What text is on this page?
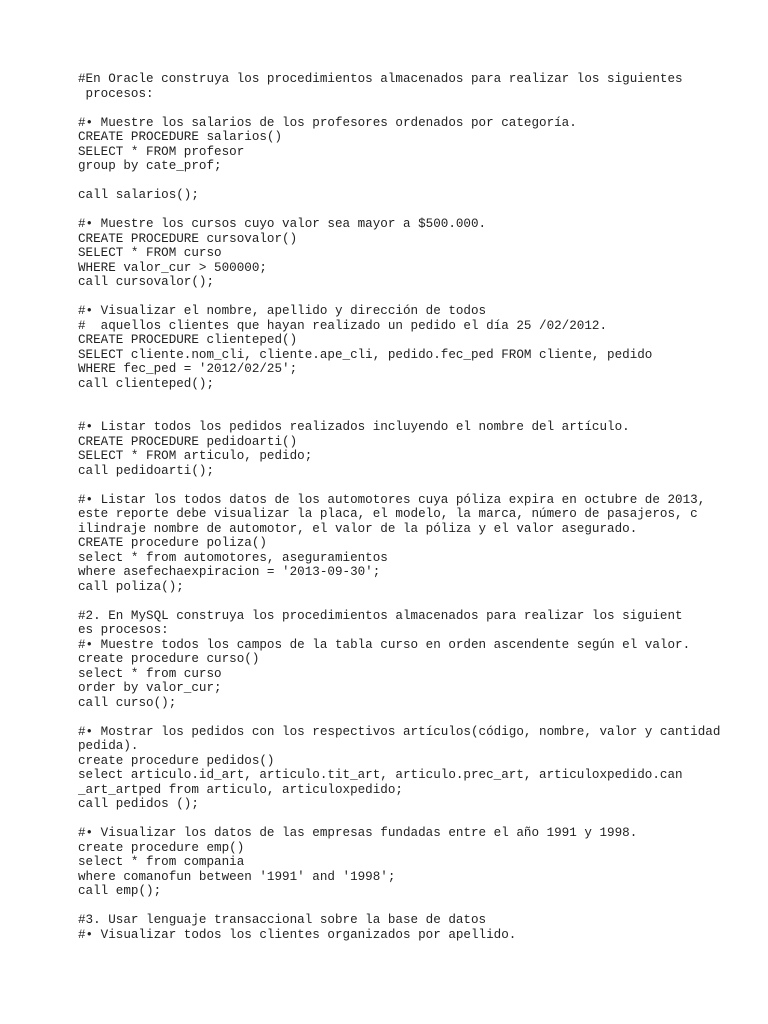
#En Oracle construya los procedimientos almacenados para realizar los siguientes
procesos:
#• Muestre los salarios de los profesores ordenados por categoría.
CREATE PROCEDURE salarios()
SELECT * FROM profesor
group by cate_prof;
call salarios();
#• Muestre los cursos cuyo valor sea mayor a $500.000.
CREATE PROCEDURE cursovalor()
SELECT * FROM curso
WHERE valor_cur > 500000;
call cursovalor();
#• Visualizar el nombre, apellido y dirección de todos
#  aquellos clientes que hayan realizado un pedido el día 25 /02/2012.
CREATE PROCEDURE clienteped()
SELECT cliente.nom_cli, cliente.ape_cli, pedido.fec_ped FROM cliente, pedido
WHERE fec_ped = '2012/02/25';
call clienteped();
#• Listar todos los pedidos realizados incluyendo el nombre del artículo.
CREATE PROCEDURE pedidoarti()
SELECT * FROM articulo, pedido;
call pedidoarti();
#• Listar los todos datos de los automotores cuya póliza expira en octubre de 2013,
este reporte debe visualizar la placa, el modelo, la marca, número de pasajeros, c
ilindraje nombre de automotor, el valor de la póliza y el valor asegurado.
CREATE procedure poliza()
select * from automotores, aseguramientos
where asefechaexpiracion = '2013-09-30';
call poliza();
#2. En MySQL construya los procedimientos almacenados para realizar los siguient
es procesos:
#• Muestre todos los campos de la tabla curso en orden ascendente según el valor.
create procedure curso()
select * from curso
order by valor_cur;
call curso();
#• Mostrar los pedidos con los respectivos artículos(código, nombre, valor y cantidad
pedida).
create procedure pedidos()
select articulo.id_art, articulo.tit_art, articulo.prec_art, articuloxpedido.can
_art_artped from articulo, articuloxpedido;
call pedidos ();
#• Visualizar los datos de las empresas fundadas entre el año 1991 y 1998.
create procedure emp()
select * from compania
where comanofun between '1991' and '1998';
call emp();
#3. Usar lenguaje transaccional sobre la base de datos
#• Visualizar todos los clientes organizados por apellido.
